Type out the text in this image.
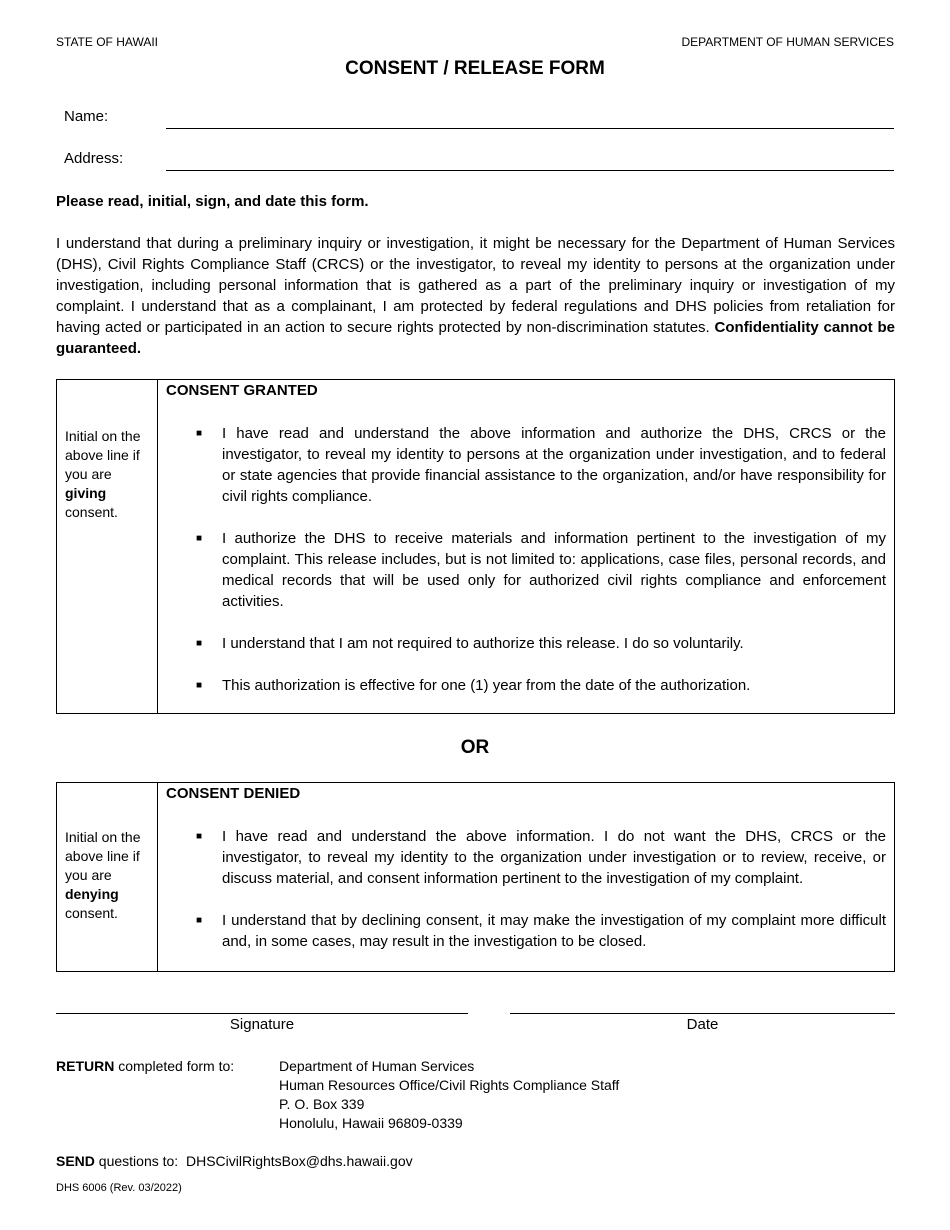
STATE OF HAWAII	DEPARTMENT OF HUMAN SERVICES
CONSENT / RELEASE FORM
Name:
Address:
Please read, initial, sign, and date this form.
I understand that during a preliminary inquiry or investigation, it might be necessary for the Department of Human Services (DHS), Civil Rights Compliance Staff (CRCS) or the investigator, to reveal my identity to persons at the organization under investigation, including personal information that is gathered as a part of the preliminary inquiry or investigation of my complaint. I understand that as a complainant, I am protected by federal regulations and DHS policies from retaliation for having acted or participated in an action to secure rights protected by non-discrimination statutes. Confidentiality cannot be guaranteed.
CONSENT GRANTED
Initial on the above line if you are giving consent.
■ I have read and understand the above information and authorize the DHS, CRCS or the investigator, to reveal my identity to persons at the organization under investigation, and to federal or state agencies that provide financial assistance to the organization, and/or have responsibility for civil rights compliance.
■ I authorize the DHS to receive materials and information pertinent to the investigation of my complaint. This release includes, but is not limited to: applications, case files, personal records, and medical records that will be used only for authorized civil rights compliance and enforcement activities.
■ I understand that I am not required to authorize this release. I do so voluntarily.
■ This authorization is effective for one (1) year from the date of the authorization.
OR
CONSENT DENIED
Initial on the above line if you are denying consent.
■ I have read and understand the above information. I do not want the DHS, CRCS or the investigator, to reveal my identity to the organization under investigation or to review, receive, or discuss material, and consent information pertinent to the investigation of my complaint.
■ I understand that by declining consent, it may make the investigation of my complaint more difficult and, in some cases, may result in the investigation to be closed.
Signature	Date
RETURN completed form to:	Department of Human Services
Human Resources Office/Civil Rights Compliance Staff
P. O. Box 339
Honolulu, Hawaii 96809-0339
SEND questions to:  DHSCivilRightsBox@dhs.hawaii.gov
DHS 6006 (Rev. 03/2022)
